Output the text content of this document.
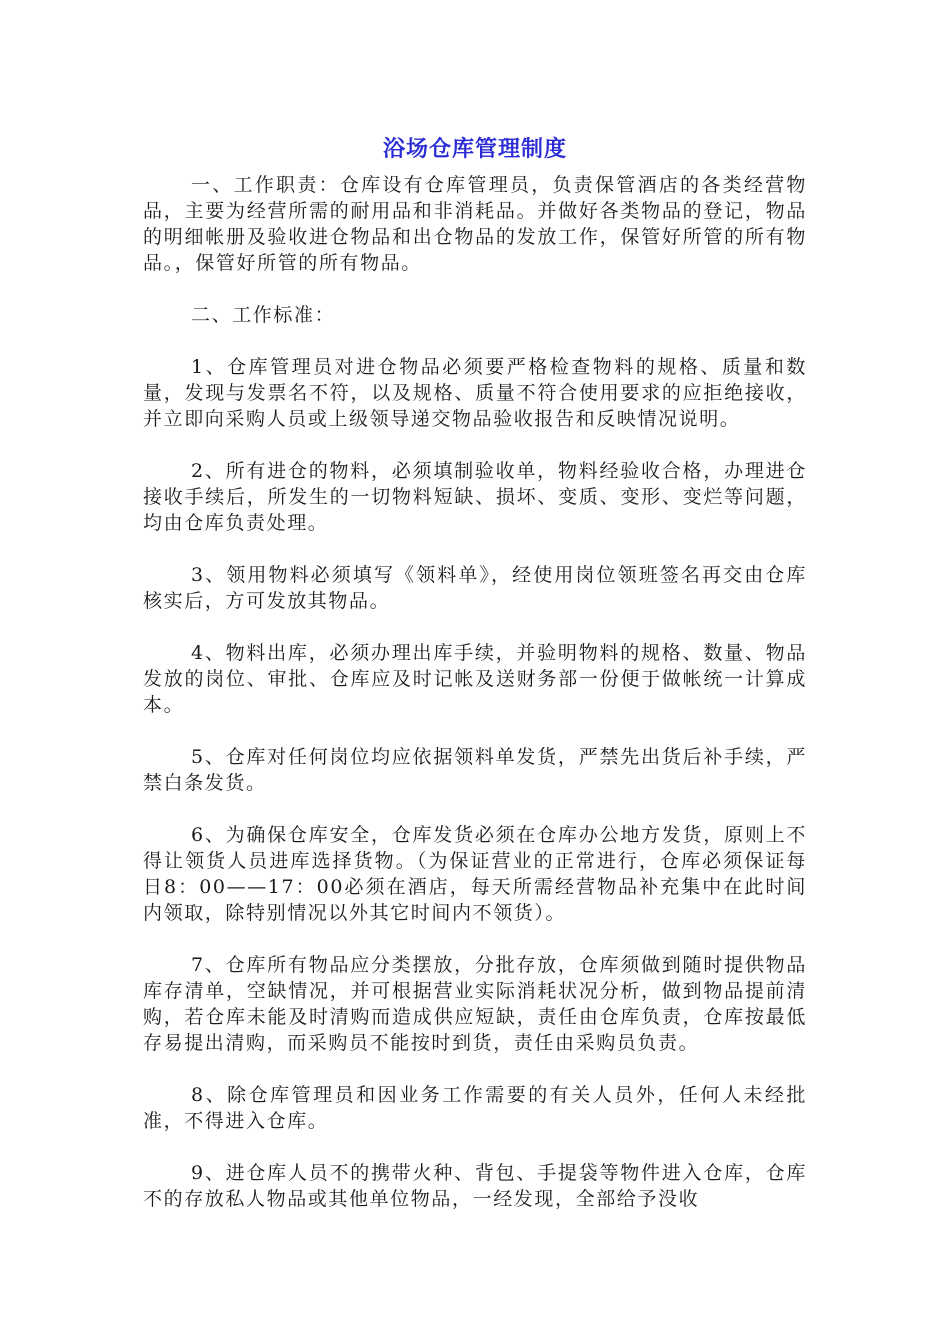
浴场仓库管理制度

一、工作职责：仓库设有仓库管理员，负责保管酒店的各类经营物品，主要为经营所需的耐用品和非消耗品。并做好各类物品的登记，物品的明细帐册及验收进仓物品和出仓物品的发放工作，保管好所管的所有物品。，保管好所管的所有物品。

二、工作标准：

1、仓库管理员对进仓物品必须要严格检查物料的规格、质量和数量，发现与发票名不符，以及规格、质量不符合使用要求的应拒绝接收，并立即向采购人员或上级领导递交物品验收报告和反映情况说明。

2、所有进仓的物料，必须填制验收单，物料经验收合格，办理进仓接收手续后，所发生的一切物料短缺、损坏、变质、变形、变烂等问题，均由仓库负责处理。

3、领用物料必须填写《领料单》，经使用岗位领班签名再交由仓库核实后，方可发放其物品。

4、物料出库，必须办理出库手续，并验明物料的规格、数量、物品发放的岗位、审批、仓库应及时记帐及送财务部一份便于做帐统一计算成本。

5、仓库对任何岗位均应依据领料单发货，严禁先出货后补手续，严禁白条发货。

6、为确保仓库安全，仓库发货必须在仓库办公地方发货，原则上不得让领货人员进库选择货物。（为保证营业的正常进行，仓库必须保证每日8：00——17：00必须在酒店，每天所需经营物品补充集中在此时间内领取，除特别情况以外其它时间内不领货）。

7、仓库所有物品应分类摆放，分批存放，仓库须做到随时提供物品库存清单，空缺情况，并可根据营业实际消耗状况分析，做到物品提前清购，若仓库未能及时清购而造成供应短缺，责任由仓库负责，仓库按最低存易提出清购，而采购员不能按时到货，责任由采购员负责。

8、除仓库管理员和因业务工作需要的有关人员外，任何人未经批准，不得进入仓库。

9、进仓库人员不的携带火种、背包、手提袋等物件进入仓库，仓库不的存放私人物品或其他单位物品，一经发现，全部给予没收
